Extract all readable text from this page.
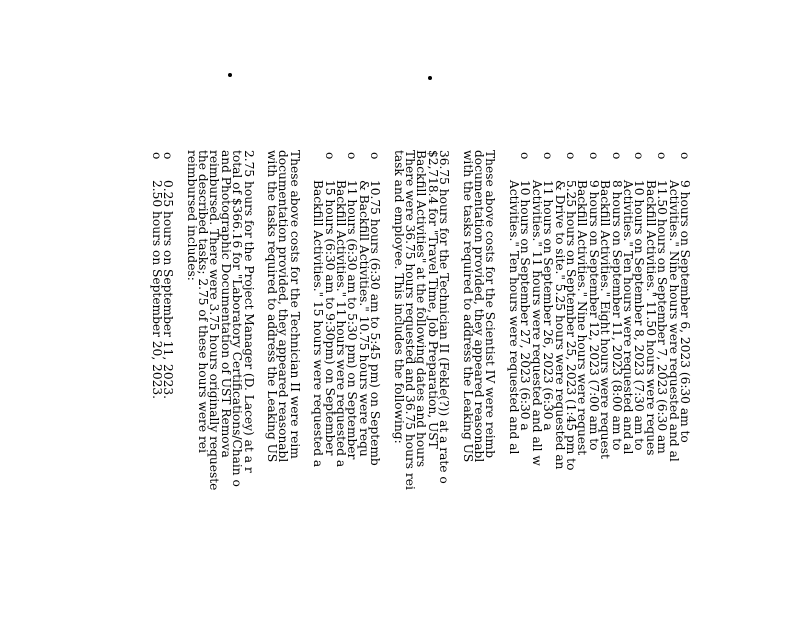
o
9 hours on September 6, 2023 (6:30 am to
Activities." Nine hours were requested and al
o
11.50 hours on September 7, 2023 (6:30 am
Backfill Activities." 11.50 hours were reques
o
10 hours on September 8, 2023 (7:30 am to
Activities." Ten hours were requested and al
o
8 hours on September 11, 2023 (8:00 am to
Backfill Activities." Eight hours were request
o
9 hours on September 12, 2023 (7:00 am to
Backfill Activities." Nine hours were request
o
5.25 hours on September 25, 2023 (1:45 pm to
& Drive to site." 5.25 hours were requested an
o
11 hours on September 26, 2023 (6:30 a
Activities." 11 hours were requested and all w
o
10 hours on September 27, 2023 (6:30 a
Activities." Ten hours were requested and al
These above costs for the Scientist IV were reimb
documentation provided, they appeared reasonabl
with the tasks required to address the Leaking US
36.75 hours for the Technician II (Fekle(?)) at a rate o
$2,718.4 for "Travel Time, Job Preparation, UST
Backfill Activities" at the following dates and hours
There were 36.75 hours requested and 36.75 hours rei
task and employee. This includes the following:
o
10.75 hours (6:30 am to 5:45 pm) on Septemb
& Backfill Activities." 10.75 hours were requ
o
11 hours (6:30 am to 5:30 pm) on September
Backfill Activities." 11 hours were requested a
o
15 hours (6:30 am to 9:30pm) on September
Backfill Activities." 15 hours were requested a
These above costs for the Technician II were reim
documentation provided, they appeared reasonabl
with the tasks required to address the Leaking US
2.75 hours for the Project Manager (D. Lacey) at a r
total of $366.16 for "Laboratory Certifications/Chain o
and Photographic Documentation of UST Remova
reimbursed. There were 3.75 hours originally requeste
the described tasks; 2.75 of these hours were rei
reimbursed includes:
o
0.25 hours on September 11, 2023.
o
2.50 hours on September 20, 2023.
